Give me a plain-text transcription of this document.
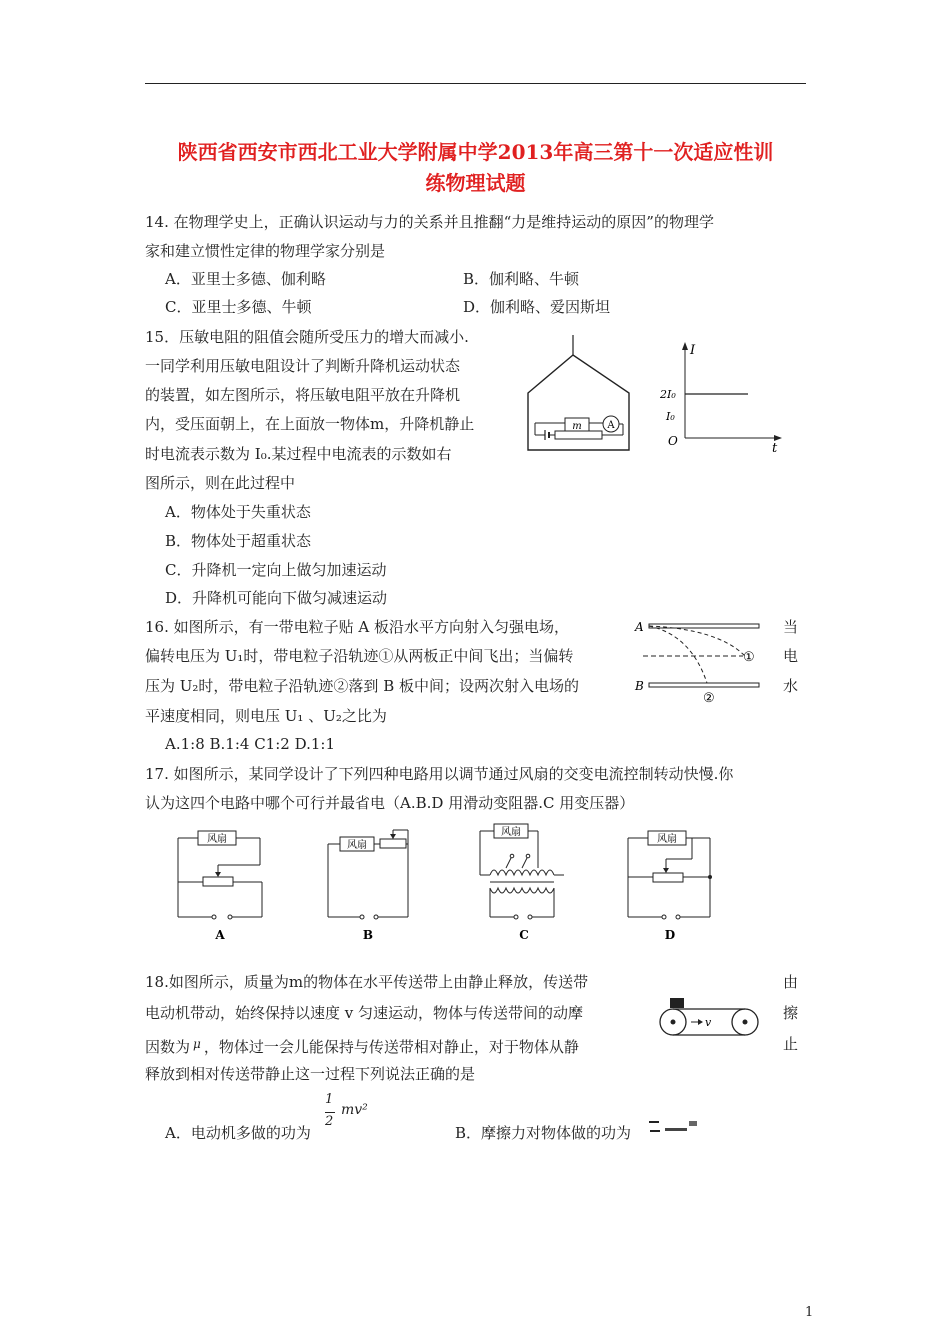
陕西省西安市西北工业大学附属中学2013年高三第十一次适应性训
练物理试题
14. 在物理学史上，正确认识运动与力的关系并且推翻“力是维持运动的原因”的物理学
家和建立惯性定律的物理学家分别是
A．亚里士多德、伽利略	B．伽利略、牛顿
C．亚里士多德、牛顿	D．伽利略、爱因斯坦
15．压敏电阻的阻值会随所受压力的增大而减小.
一同学利用压敏电阻设计了判断升降机运动状态
的装置，如左图所示，将压敏电阻平放在升降机
内，受压面朝上，在上面放一物体m，升降机静止
时电流表示数为 I₀.某过程中电流表的示数如右
图所示，则在此过程中
A．物体处于失重状态
B．物体处于超重状态
C．升降机一定向上做匀加速运动
D．升降机可能向下做匀减速运动
m	A
I
t
O
2I₀
I₀
16. 如图所示，有一带电粒子贴 A 板沿水平方向射入匀强电场，
偏转电压为 U₁时，带电粒子沿轨迹①从两板正中间飞出；当偏转
压为 U₂时，带电粒子沿轨迹②落到 B 板中间；设两次射入电场的
平速度相同，则电压 U₁ 、U₂之比为
当
电
水
A.1:8 B.1:4 C1:2 D.1:1
A
B
①
②
17. 如图所示，某同学设计了下列四种电路用以调节通过风扇的交变电流控制转动快慢.你
认为这四个电路中哪个可行并最省电（A.B.D 用滑动变阻器.C 用变压器）
风扇
A
风扇
B
风扇
C
风扇
D
18.如图所示，质量为m的物体在水平传送带上由静止释放，传送带
电动机带动，始终保持以速度 v 匀速运动，物体与传送带间的动摩
因数为 $^\mu$ ，物体过一会儿能保持与传送带相对静止，对于物体从静
释放到相对传送带静止这一过程下列说法正确的是
由
擦
止
v
A．电动机多做的功为
1
2
mv²
B．摩擦力对物体做的功为
1
